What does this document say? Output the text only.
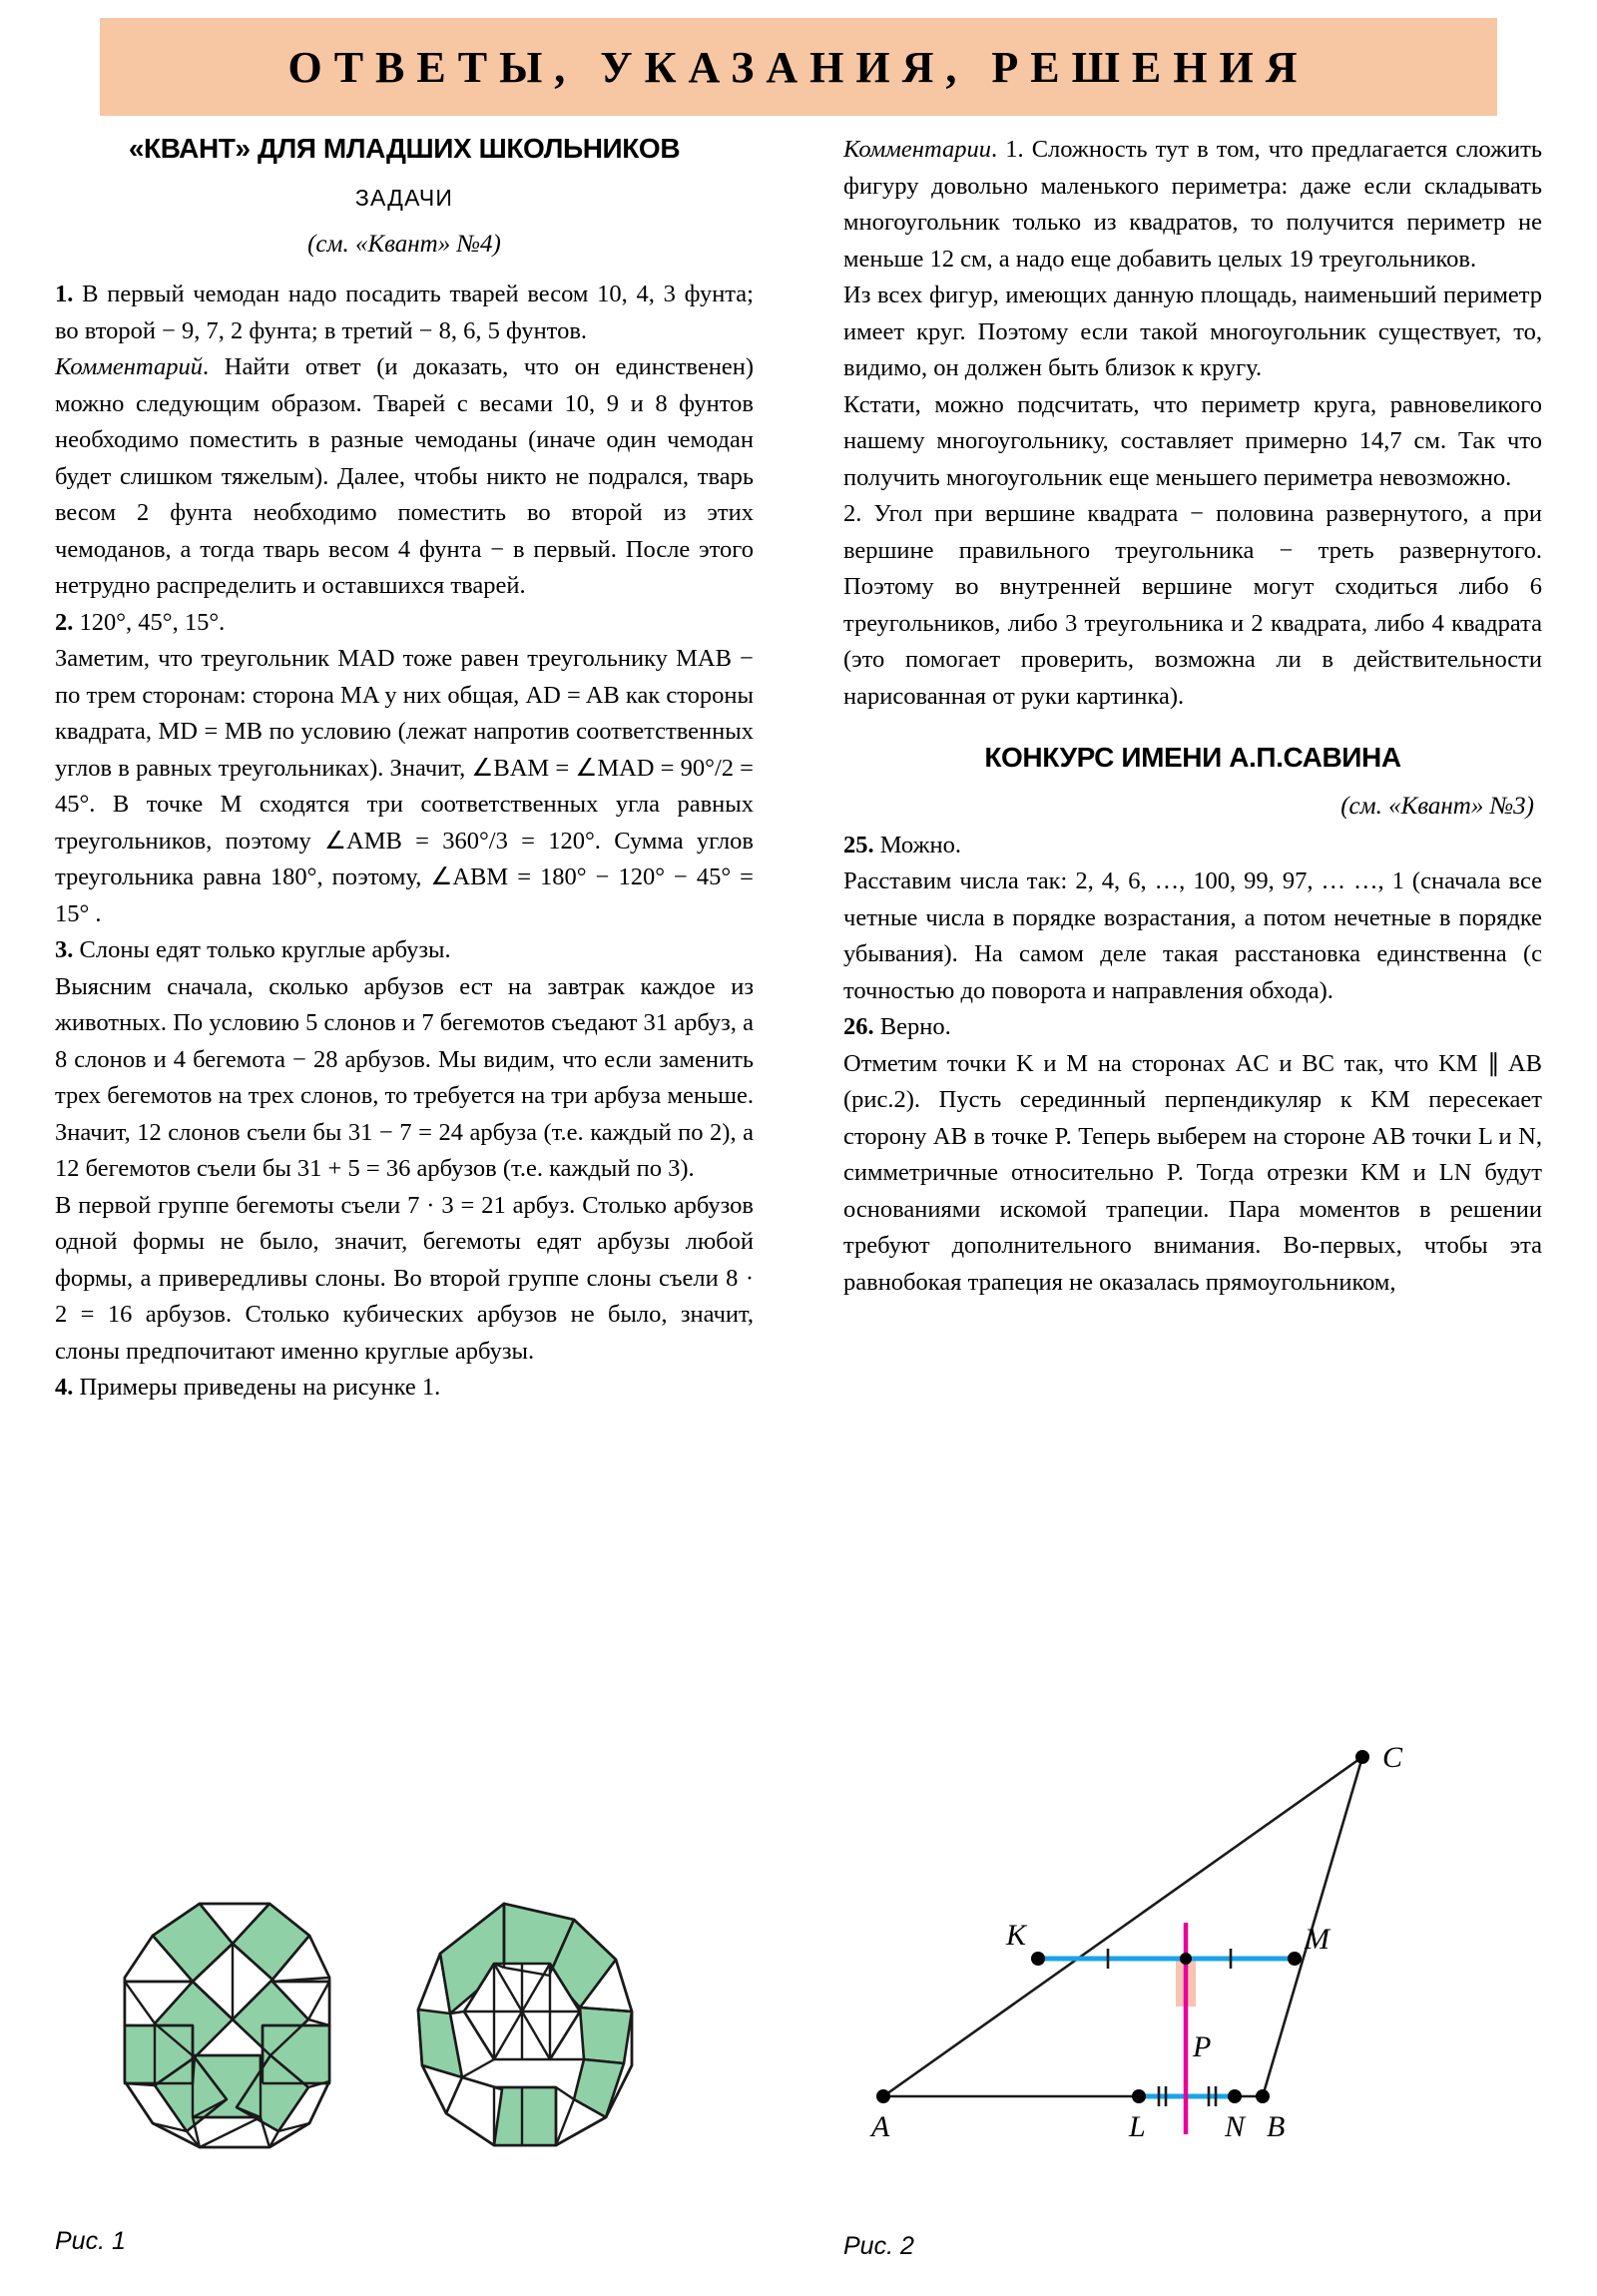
ОТВЕТЫ, УКАЗАНИЯ, РЕШЕНИЯ
«КВАНТ» ДЛЯ МЛАДШИХ ШКОЛЬНИКОВ
ЗАДАЧИ
(см. «Квант» №4)

1. В первый чемодан надо посадить тварей весом 10, 4, 3 фунта; во второй − 9, 7, 2 фунта; в третий − 8, 6, 5 фунтов.

Комментарий. Найти ответ (и доказать, что он единственен) можно следующим образом. Тварей с весами 10, 9 и 8 фунтов необходимо поместить в разные чемоданы (иначе один чемодан будет слишком тяжелым). Далее, чтобы никто не подрался, тварь весом 2 фунта необходимо поместить во второй из этих чемоданов, а тогда тварь весом 4 фунта − в первый. После этого нетрудно распределить и оставшихся тварей.

2. 120°, 45°, 15°.

Заметим, что треугольник MAD тоже равен треугольнику MAB − по трем сторонам: сторона MA у них общая, AD = AB как стороны квадрата, MD = MB по условию (лежат напротив соответственных углов в равных треугольниках). Значит, ∠BAM = ∠MAD = 90°/2 = 45°. В точке M сходятся три соответственных угла равных треугольников, поэтому ∠AMB = 360°/3 = 120°. Сумма углов треугольника равна 180°, поэтому, ∠ABM = 180° − 120° − 45° = 15° .

3. Слоны едят только круглые арбузы.

Выясним сначала, сколько арбузов ест на завтрак каждое из животных. По условию 5 слонов и 7 бегемотов съедают 31 арбуз, а 8 слонов и 4 бегемота − 28 арбузов. Мы видим, что если заменить трех бегемотов на трех слонов, то требуется на три арбуза меньше. Значит, 12 слонов съели бы 31 − 7 = 24 арбуза (т.е. каждый по 2), а 12 бегемотов съели бы 31 + 5 = 36 арбузов (т.е. каждый по 3).

В первой группе бегемоты съели 7 · 3 = 21 арбуз. Столько арбузов одной формы не было, значит, бегемоты едят арбузы любой формы, а привередливы слоны. Во второй группе слоны съели 8 · 2 = 16 арбузов. Столько кубических арбузов не было, значит, слоны предпочитают именно круглые арбузы.

4. Примеры приведены на рисунке 1.

Комментарии. 1. Сложность тут в том, что предлагается сложить фигуру довольно маленького периметра: даже если складывать многоугольник только из квадратов, то получится периметр не меньше 12 см, а надо еще добавить целых 19 треугольников.

Из всех фигур, имеющих данную площадь, наименьший периметр имеет круг. Поэтому если такой многоугольник существует, то, видимо, он должен быть близок к кругу.

Кстати, можно подсчитать, что периметр круга, равновеликого нашему многоугольнику, составляет примерно 14,7 см. Так что получить многоугольник еще меньшего периметра невозможно.

2. Угол при вершине квадрата − половина развернутого, а при вершине правильного треугольника − треть развернутого. Поэтому во внутренней вершине могут сходиться либо 6 треугольников, либо 3 треугольника и 2 квадрата, либо 4 квадрата (это помогает проверить, возможна ли в действительности нарисованная от руки картинка).

КОНКУРС ИМЕНИ А.П.САВИНА
(см. «Квант» №3)

25. Можно.

Расставим числа так: 2, 4, 6, …, 100, 99, 97, … …, 1 (сначала все четные числа в порядке возрастания, а потом нечетные в порядке убывания). На самом деле такая расстановка единственна (с точностью до поворота и направления обхода).

26. Верно.

Отметим точки K и M на сторонах AC и BC так, что KM ∥ AB (рис.2). Пусть серединный перпендикуляр к KM пересекает сторону AB в точке P. Теперь выберем на стороне AB точки L и N, симметричные относительно P. Тогда отрезки KM и LN будут основаниями искомой трапеции. Пара моментов в решении требуют дополнительного внимания. Во-первых, чтобы эта равнобокая трапеция не оказалась прямоугольником,

Рис. 1
C
K	M
P
A	L	N B
Рис. 2
